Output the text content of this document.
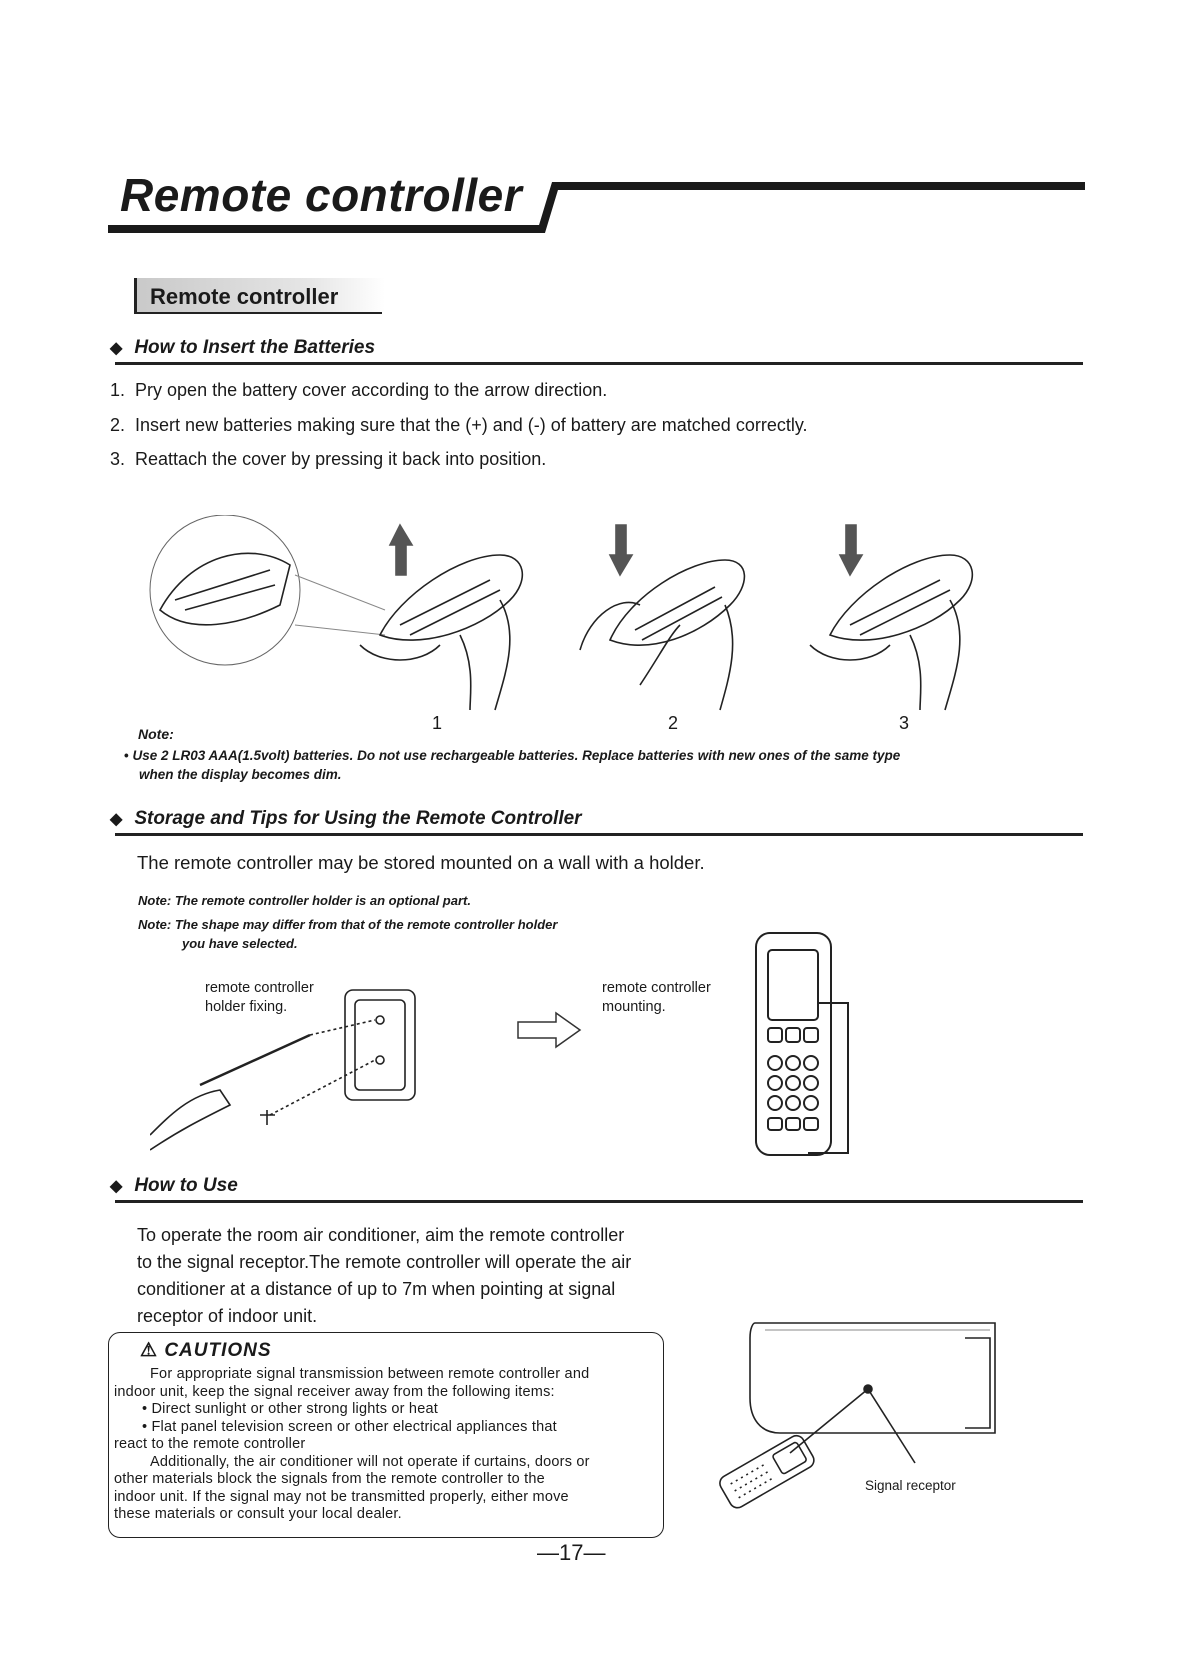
Remote controller
Remote controller
◆ How to Insert the Batteries
1. Pry open the battery cover according to the arrow direction.
2. Insert new batteries making sure that the (+) and (-) of battery are matched correctly.
3. Reattach the cover by pressing it back into position.
1	2	3
Note:
• Use 2 LR03 AAA(1.5volt) batteries. Do not use rechargeable batteries. Replace batteries with new ones of the same type
when the display becomes dim.
◆ Storage and Tips for Using the Remote Controller
The remote controller may be stored mounted on a wall with a holder.
Note: The remote controller holder is an optional part.
Note: The shape may differ from that of the remote controller holder
you have selected.
remote controller
holder fixing.
remote controller
mounting.
◆ How to Use
To operate the room air conditioner, aim the remote controller
to the signal receptor.The remote controller will operate the air
conditioner at a distance of up to 7m when pointing at signal
receptor of indoor unit.
⚠ CAUTIONS
For appropriate signal transmission between remote controller and
indoor unit, keep the signal receiver away from the following items:
• Direct sunlight or other strong lights or heat
• Flat panel television screen or other electrical appliances that
react to the remote controller
Additionally, the air conditioner will not operate if curtains, doors or
other materials block the signals from the remote controller to the
indoor unit. If the signal may not be transmitted properly, either move
these materials or consult your local dealer.
Signal receptor
—17—
